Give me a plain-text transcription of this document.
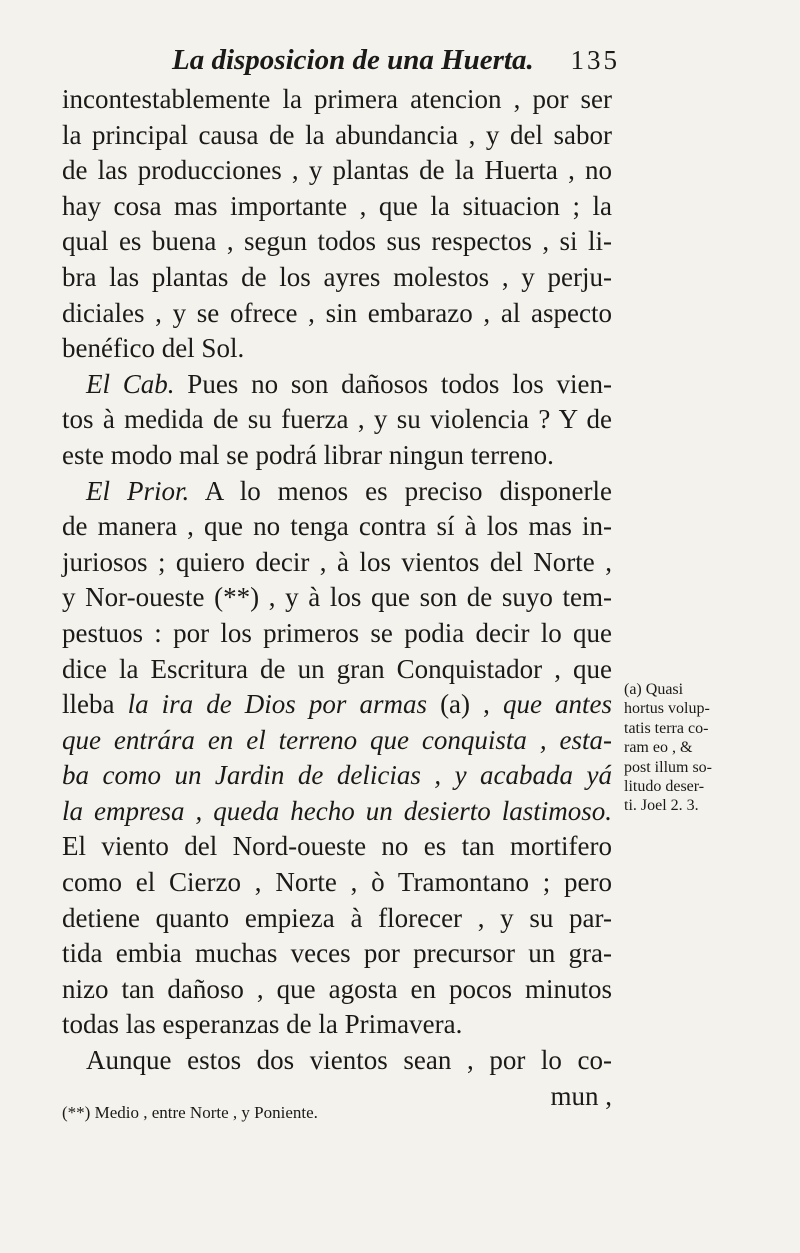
La disposicion de una Huerta. 135
incontestablemente la primera atencion , por ser
la principal causa de la abundancia , y del sabor
de las producciones , y plantas de la Huerta , no
hay cosa mas importante , que la situacion ; la
qual es buena , segun todos sus respectos , si li-
bra las plantas de los ayres molestos , y perju-
diciales , y se ofrece , sin embarazo , al aspecto
benéfico del Sol.
El Cab. Pues no son dañosos todos los vien-
tos à medida de su fuerza , y su violencia ? Y de
este modo mal se podrá librar ningun terreno.
El Prior. A lo menos es preciso disponerle
de manera , que no tenga contra sí à los mas in-
juriosos ; quiero decir , à los vientos del Norte ,
y Nor-oueste (**) , y à los que son de suyo tem-
pestuos : por los primeros se podia decir lo que
dice la Escritura de un gran Conquistador , que
lleba la ira de Dios por armas (a) , que antes
que entrára en el terreno que conquista , esta-
ba como un Jardin de delicias , y acabada yá
la empresa , queda hecho un desierto lastimoso.
El viento del Nord-oueste no es tan mortifero
como el Cierzo , Norte , ò Tramontano ; pero
detiene quanto empieza à florecer , y su par-
tida embia muchas veces por precursor un gra-
nizo tan dañoso , que agosta en pocos minutos
todas las esperanzas de la Primavera.
Aunque estos dos vientos sean , por lo co-
mun ,
(a) Quasi
hortus volup-
tatis terra co-
ram eo , &
post illum so-
litudo deser-
ti. Joel 2. 3.
(**) Medio , entre Norte , y Poniente.
